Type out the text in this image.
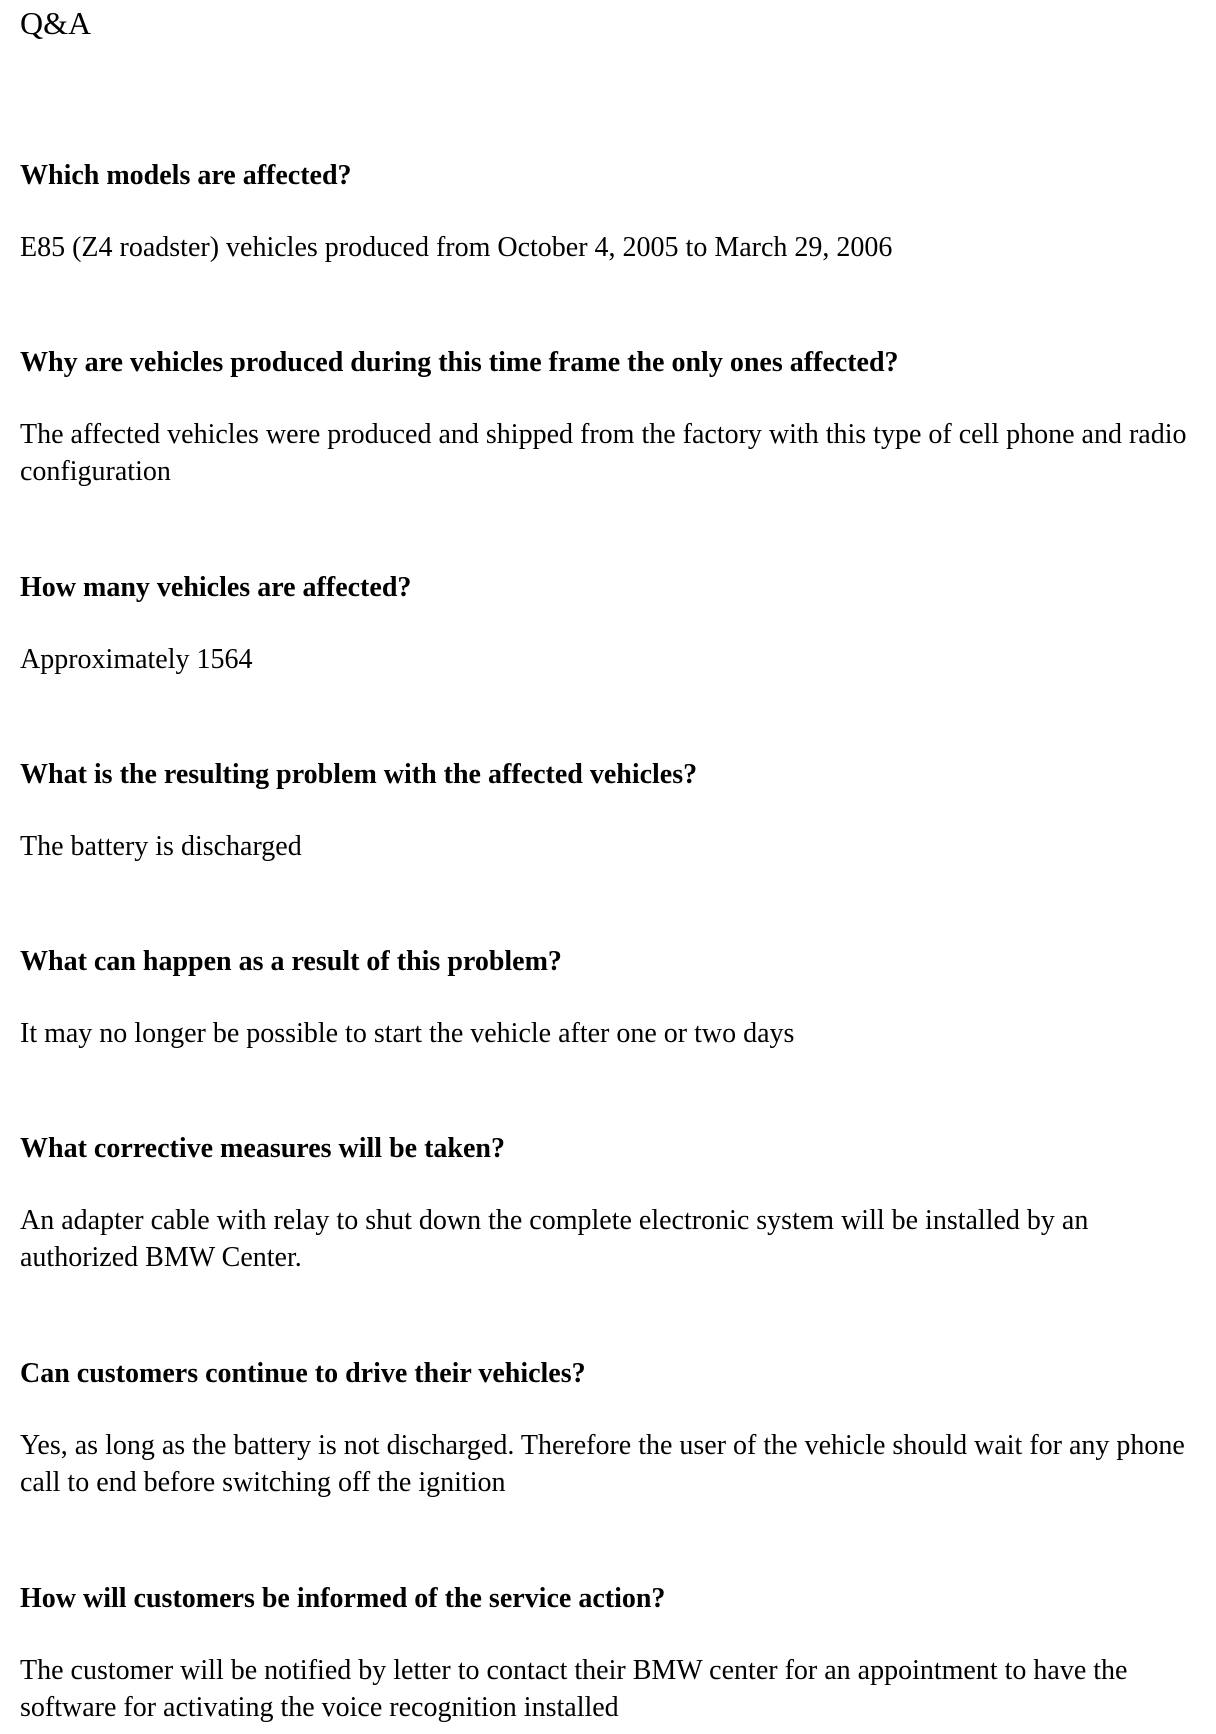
Q&A

Which models are affected?

E85 (Z4 roadster) vehicles produced from October 4, 2005 to March 29, 2006

Why are vehicles produced during this time frame the only ones affected?

The affected vehicles were produced and shipped from the factory with this type of cell phone and radio configuration

How many vehicles are affected?

Approximately 1564

What is the resulting problem with the affected vehicles?

The battery is discharged

What can happen as a result of this problem?

It may no longer be possible to start the vehicle after one or two days

What corrective measures will be taken?

An adapter cable with relay to shut down the complete electronic system will be installed by an authorized BMW Center.

Can customers continue to drive their vehicles?

Yes, as long as the battery is not discharged. Therefore the user of the vehicle should wait for any phone call to end before switching off the ignition

How will customers be informed of the service action?

The customer will be notified by letter to contact their BMW center for an appointment to have the software for activating the voice recognition installed
